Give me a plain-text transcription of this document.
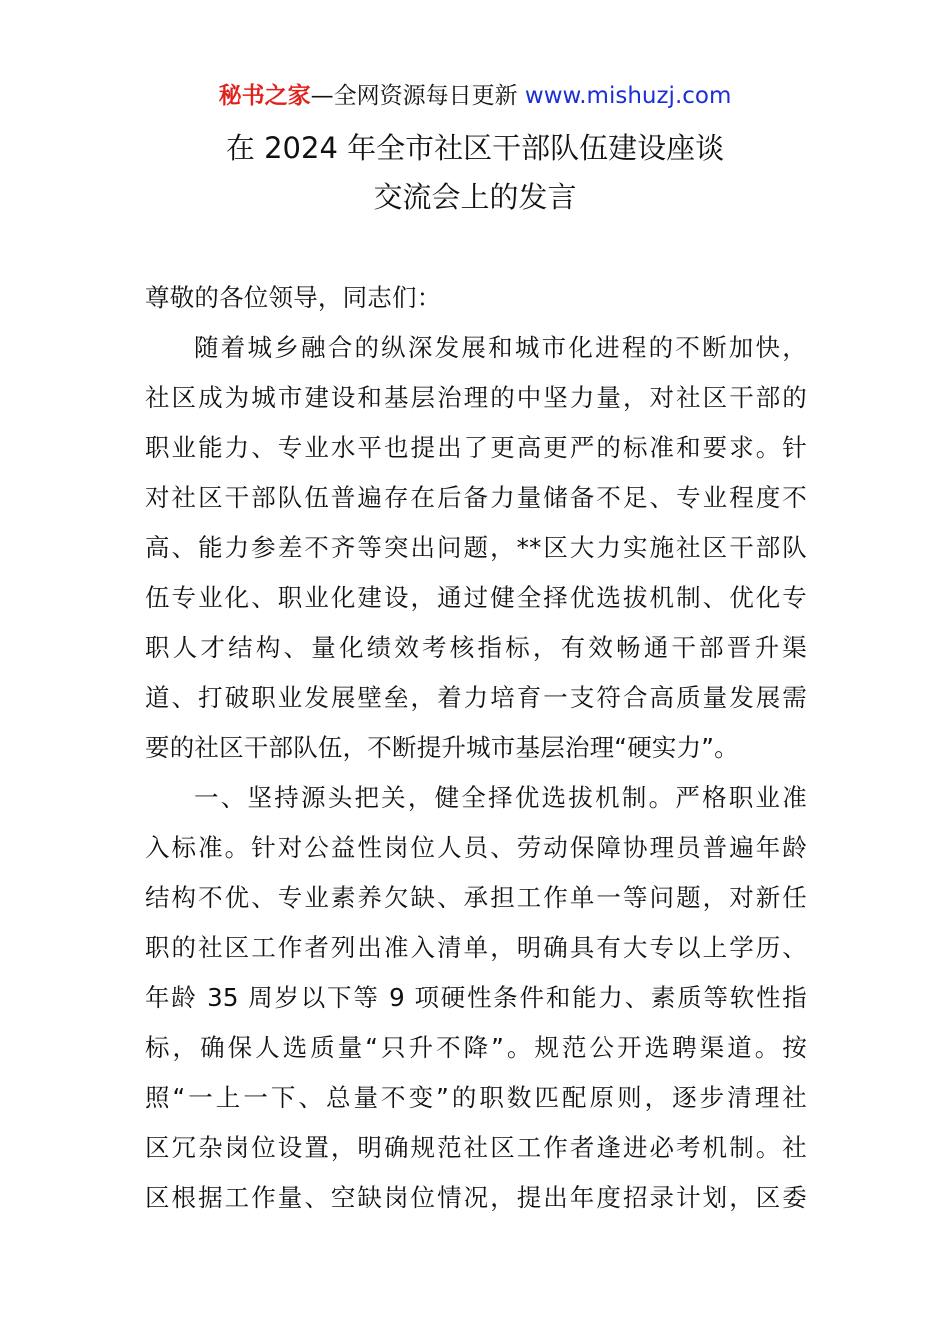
秘书之家—全网资源每日更新 www.mishuzj.com
在 2024 年全市社区干部队伍建设座谈
交流会上的发言
尊敬的各位领导，同志们：
随着城乡融合的纵深发展和城市化进程的不断加快，
社区成为城市建设和基层治理的中坚力量，对社区干部的
职业能力、专业水平也提出了更高更严的标准和要求。针
对社区干部队伍普遍存在后备力量储备不足、专业程度不
高、能力参差不齐等突出问题，**区大力实施社区干部队
伍专业化、职业化建设，通过健全择优选拔机制、优化专
职人才结构、量化绩效考核指标，有效畅通干部晋升渠
道、打破职业发展壁垒，着力培育一支符合高质量发展需
要的社区干部队伍，不断提升城市基层治理“硬实力”。
一、坚持源头把关，健全择优选拔机制。严格职业准
入标准。针对公益性岗位人员、劳动保障协理员普遍年龄
结构不优、专业素养欠缺、承担工作单一等问题，对新任
职的社区工作者列出准入清单，明确具有大专以上学历、
年龄 35 周岁以下等 9 项硬性条件和能力、素质等软性指
标，确保人选质量“只升不降”。规范公开选聘渠道。按
照“一上一下、总量不变”的职数匹配原则，逐步清理社
区冗杂岗位设置，明确规范社区工作者逢进必考机制。社
区根据工作量、空缺岗位情况，提出年度招录计划，区委
